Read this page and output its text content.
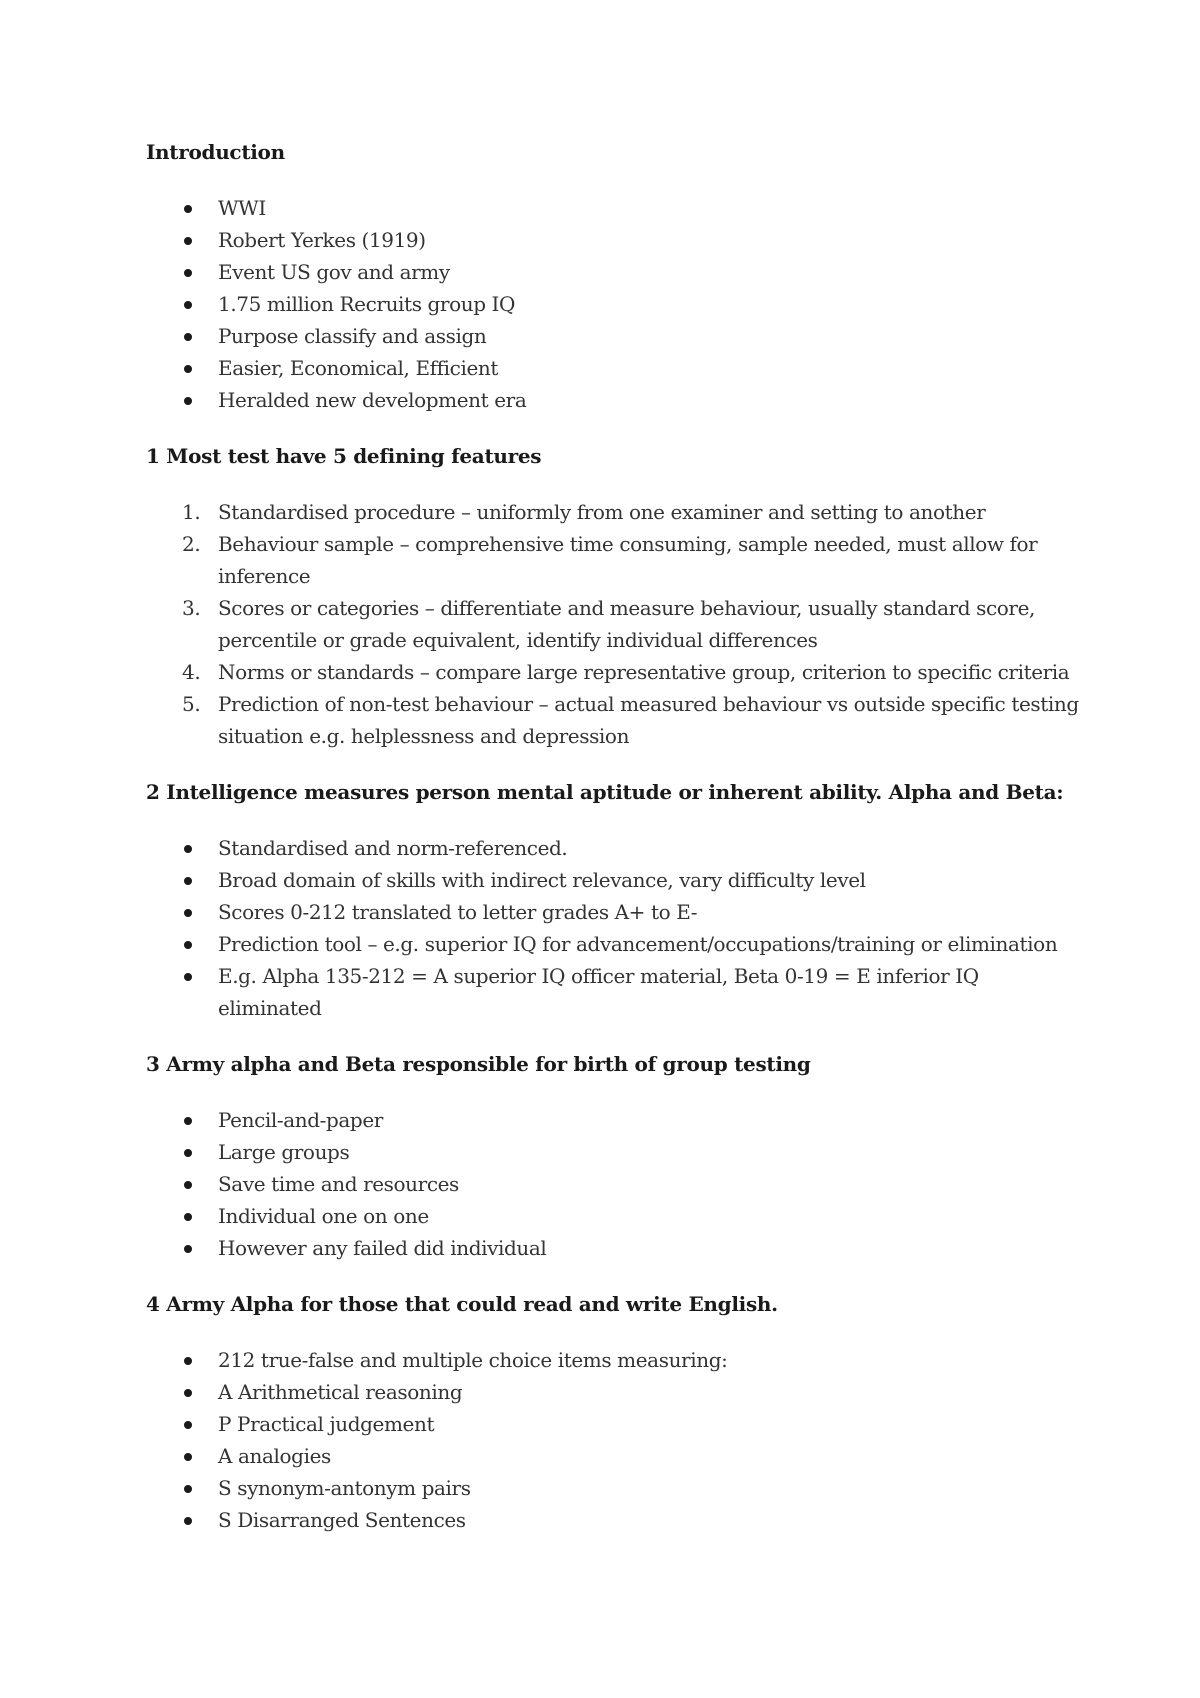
Introduction
WWI
Robert Yerkes (1919)
Event US gov and army
1.75 million Recruits group IQ
Purpose classify and assign
Easier, Economical, Efficient
Heralded new development era
1 Most test have 5 defining features
1. Standardised procedure – uniformly from one examiner and setting to another
2. Behaviour sample – comprehensive time consuming, sample needed, must allow for inference
3. Scores or categories – differentiate and measure behaviour, usually standard score, percentile or grade equivalent, identify individual differences
4. Norms or standards – compare large representative group, criterion to specific criteria
5. Prediction of non-test behaviour – actual measured behaviour vs outside specific testing situation e.g. helplessness and depression
2 Intelligence measures person mental aptitude or inherent ability. Alpha and Beta:
Standardised and norm-referenced.
Broad domain of skills with indirect relevance, vary difficulty level
Scores 0-212 translated to letter grades A+ to E-
Prediction tool – e.g. superior IQ for advancement/occupations/training or elimination
E.g. Alpha 135-212 = A superior IQ officer material, Beta 0-19 = E inferior IQ eliminated
3 Army alpha and Beta responsible for birth of group testing
Pencil-and-paper
Large groups
Save time and resources
Individual one on one
However any failed did individual
4 Army Alpha for those that could read and write English.
212 true-false and multiple choice items measuring:
A Arithmetical reasoning
P Practical judgement
A analogies
S synonym-antonym pairs
S Disarranged Sentences
